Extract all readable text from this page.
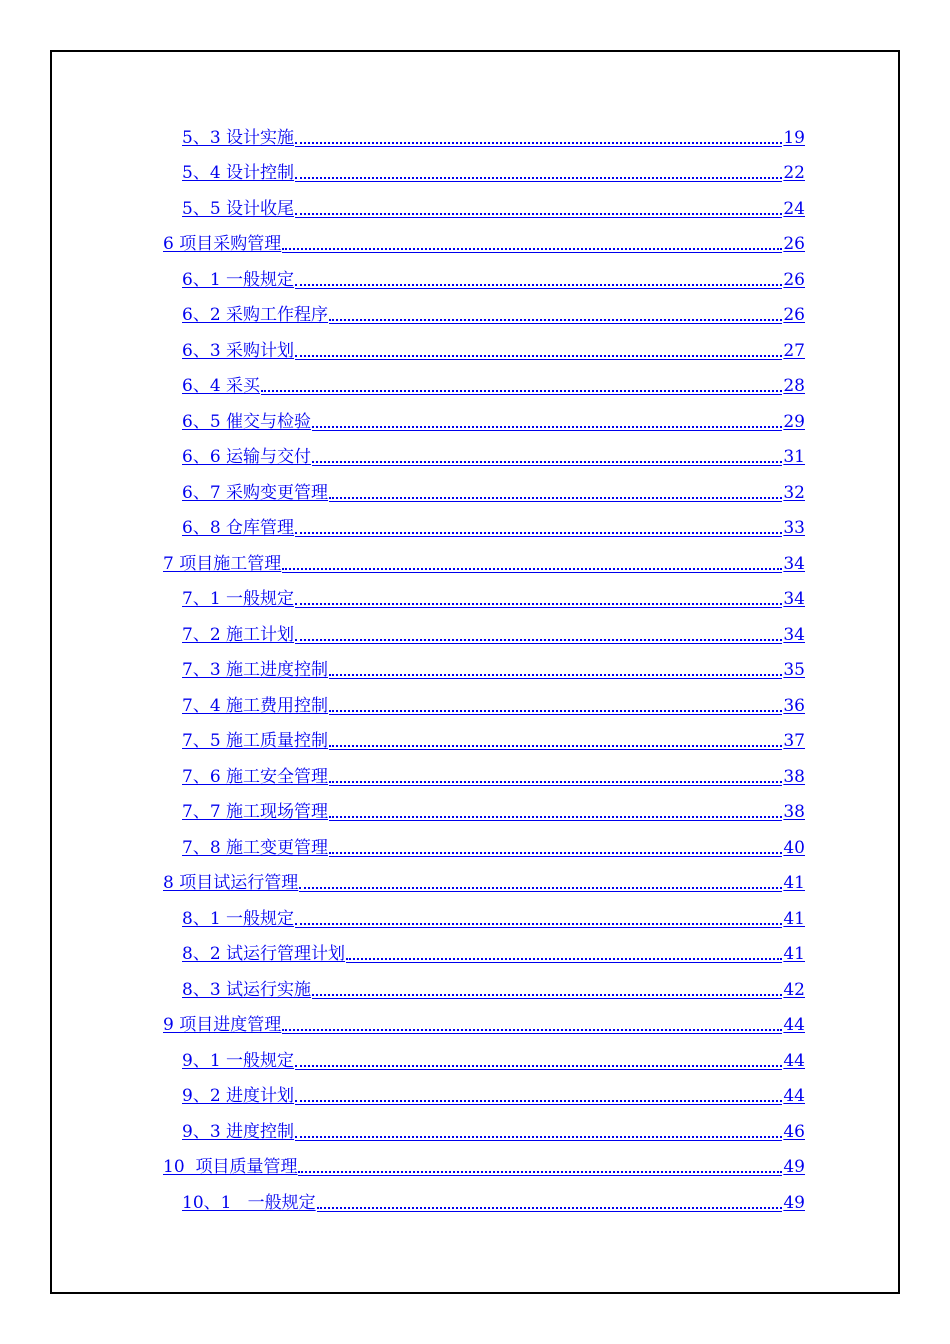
5、3 设计实施	19
5、4 设计控制	22
5、5 设计收尾	24
6 项目采购管理	26
6、1 一般规定	26
6、2 采购工作程序	26
6、3 采购计划	27
6、4 采买	28
6、5 催交与检验	29
6、6 运输与交付	31
6、7 采购变更管理	32
6、8 仓库管理	33
7 项目施工管理	34
7、1 一般规定	34
7、2 施工计划	34
7、3 施工进度控制	35
7、4 施工费用控制	36
7、5 施工质量控制	37
7、6 施工安全管理	38
7、7 施工现场管理	38
7、8 施工变更管理	40
8 项目试运行管理	41
8、1 一般规定	41
8、2 试运行管理计划	41
8、3 试运行实施	42
9 项目进度管理	44
9、1 一般规定	44
9、2 进度计划	44
9、3 进度控制	46
10  项目质量管理	49
10、1   一般规定	49
